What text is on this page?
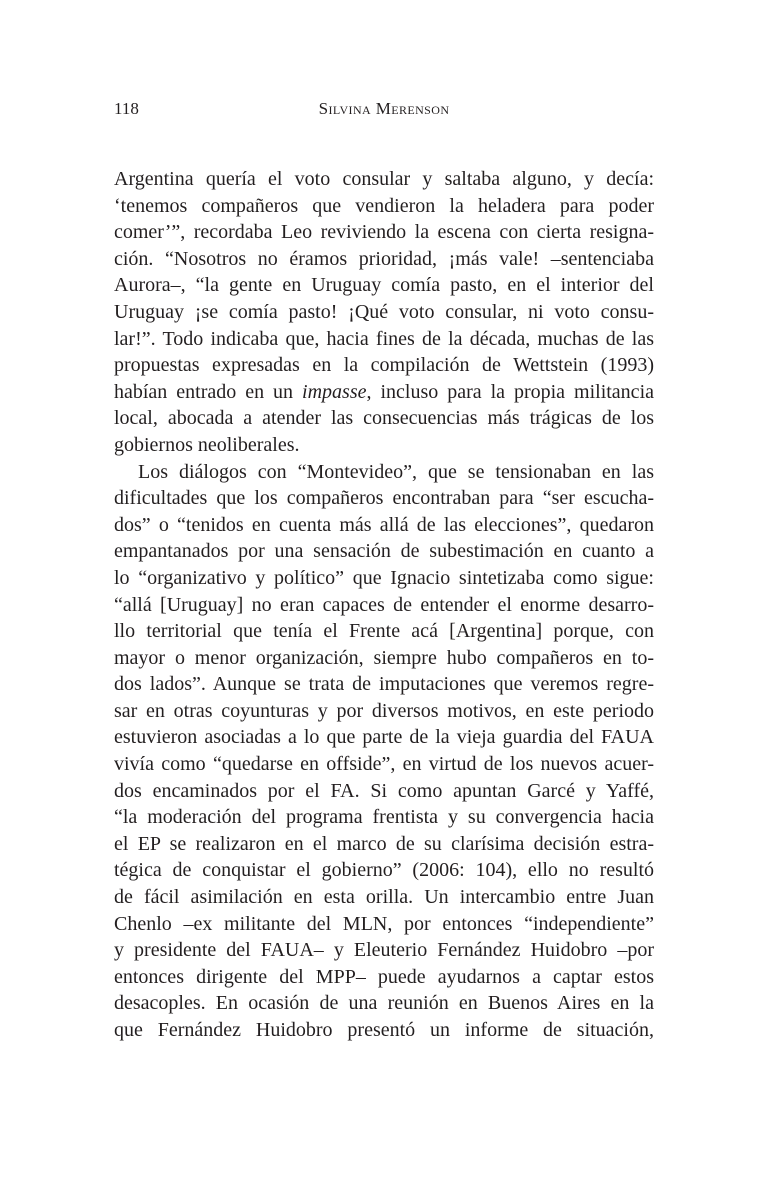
118	Silvina Merenson
Argentina quería el voto consular y saltaba alguno, y decía:
‘tenemos compañeros que vendieron la heladera para poder
comer’”, recordaba Leo reviviendo la escena con cierta resigna-
ción. “Nosotros no éramos prioridad, ¡más vale! –sentenciaba
Aurora–, “la gente en Uruguay comía pasto, en el interior del
Uruguay ¡se comía pasto! ¡Qué voto consular, ni voto consu-
lar!”. Todo indicaba que, hacia fines de la década, muchas de las
propuestas expresadas en la compilación de Wettstein (1993)
habían entrado en un impasse, incluso para la propia militancia
local, abocada a atender las consecuencias más trágicas de los
gobiernos neoliberales.
Los diálogos con “Montevideo”, que se tensionaban en las
dificultades que los compañeros encontraban para “ser escucha-
dos” o “tenidos en cuenta más allá de las elecciones”, quedaron
empantanados por una sensación de subestimación en cuanto a
lo “organizativo y político” que Ignacio sintetizaba como sigue:
“allá [Uruguay] no eran capaces de entender el enorme desarro-
llo territorial que tenía el Frente acá [Argentina] porque, con
mayor o menor organización, siempre hubo compañeros en to-
dos lados”. Aunque se trata de imputaciones que veremos regre-
sar en otras coyunturas y por diversos motivos, en este periodo
estuvieron asociadas a lo que parte de la vieja guardia del FAUA
vivía como “quedarse en offside”, en virtud de los nuevos acuer-
dos encaminados por el FA. Si como apuntan Garcé y Yaffé,
“la moderación del programa frentista y su convergencia hacia
el EP se realizaron en el marco de su clarísima decisión estra-
tégica de conquistar el gobierno” (2006: 104), ello no resultó
de fácil asimilación en esta orilla. Un intercambio entre Juan
Chenlo –ex militante del MLN, por entonces “independiente”
y presidente del FAUA– y Eleuterio Fernández Huidobro –por
entonces dirigente del MPP– puede ayudarnos a captar estos
desacoples. En ocasión de una reunión en Buenos Aires en la
que Fernández Huidobro presentó un informe de situación,
